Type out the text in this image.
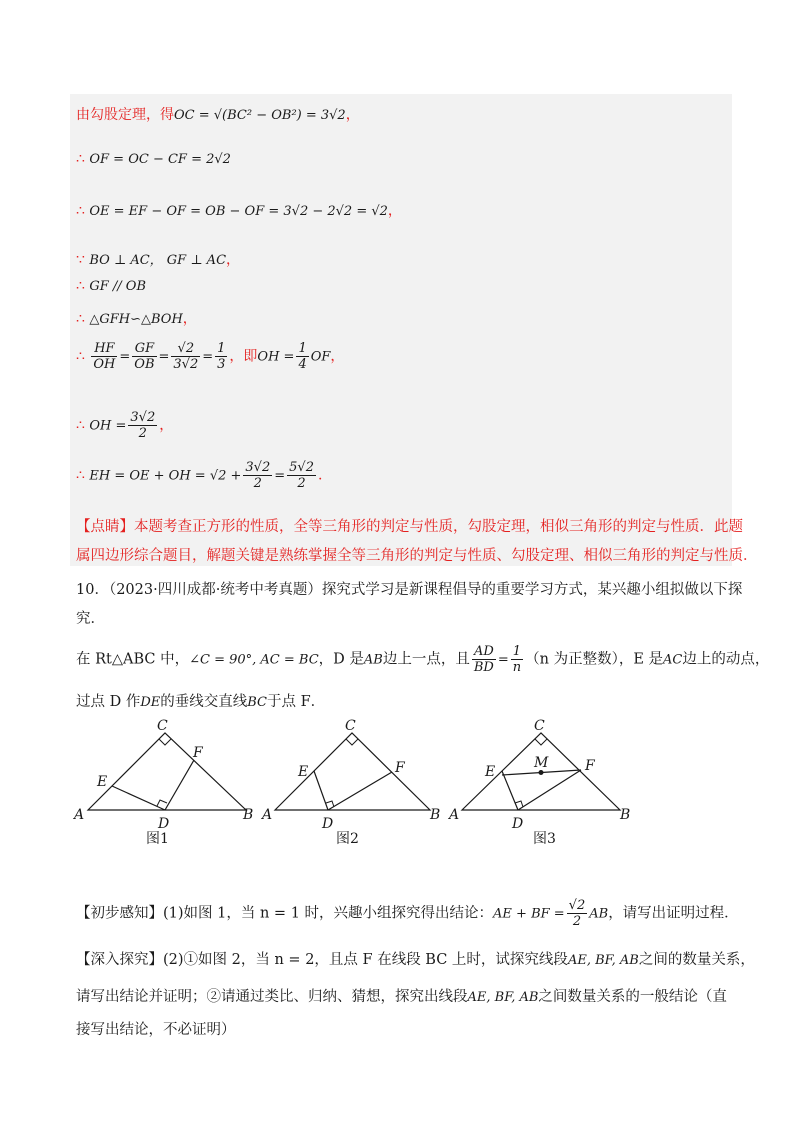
由勾股定理，得OC = √(BC² − OB²) = 3√2，
∴ OF = OC − CF = 2√2
∴ OE = EF − OF = OB − OF = 3√2 − 2√2 = √2，
∵ BO ⊥ AC， GF ⊥ AC，
∴ GF // OB
∴ △GFH∽△BOH，
∴ $\frac{HF}{OH} = \frac{GF}{OB} = \frac{√2}{3√2} = \frac{1}{3}$ ，即OH = $\frac{1}{4}$ OF，
∴ OH = $\frac{3√2}{2}$ ，
∴ EH = OE + OH = $√2 + \frac{3√2}{2} = \frac{5√2}{2}$ .
【点睛】本题考查正方形的性质，全等三角形的判定与性质，勾股定理，相似三角形的判定与性质．此题
属四边形综合题目，解题关键是熟练掌握全等三角形的判定与性质、勾股定理、相似三角形的判定与性质．
10．（2023·四川成都·统考中考真题）探究式学习是新课程倡导的重要学习方式，某兴趣小组拟做以下探
究．
在 Rt△ABC 中，∠C = 90°, AC = BC，D 是AB边上一点，且 $\frac{AD}{BD} = \frac{1}{n} (n$ 为正整数），E 是AC边上的动点，
过点 D 作DE的垂线交直线BC于点 F．
C
A	B
E
F
D
图1
C
A	B
E	F
D
图2
C
A	B
E	F
M
D
图3
【初步感知】(1)如图 1，当 n = 1 时，兴趣小组探究得出结论：AE + BF = $\frac{√2}{2}$ AB，请写出证明过程．
【深入探究】(2)①如图 2，当 n = 2，且点 F 在线段 BC 上时，试探究线段AE, BF, AB之间的数量关系，
请写出结论并证明；②请通过类比、归纳、猜想，探究出线段AE, BF, AB之间数量关系的一般结论（直
接写出结论，不必证明）
